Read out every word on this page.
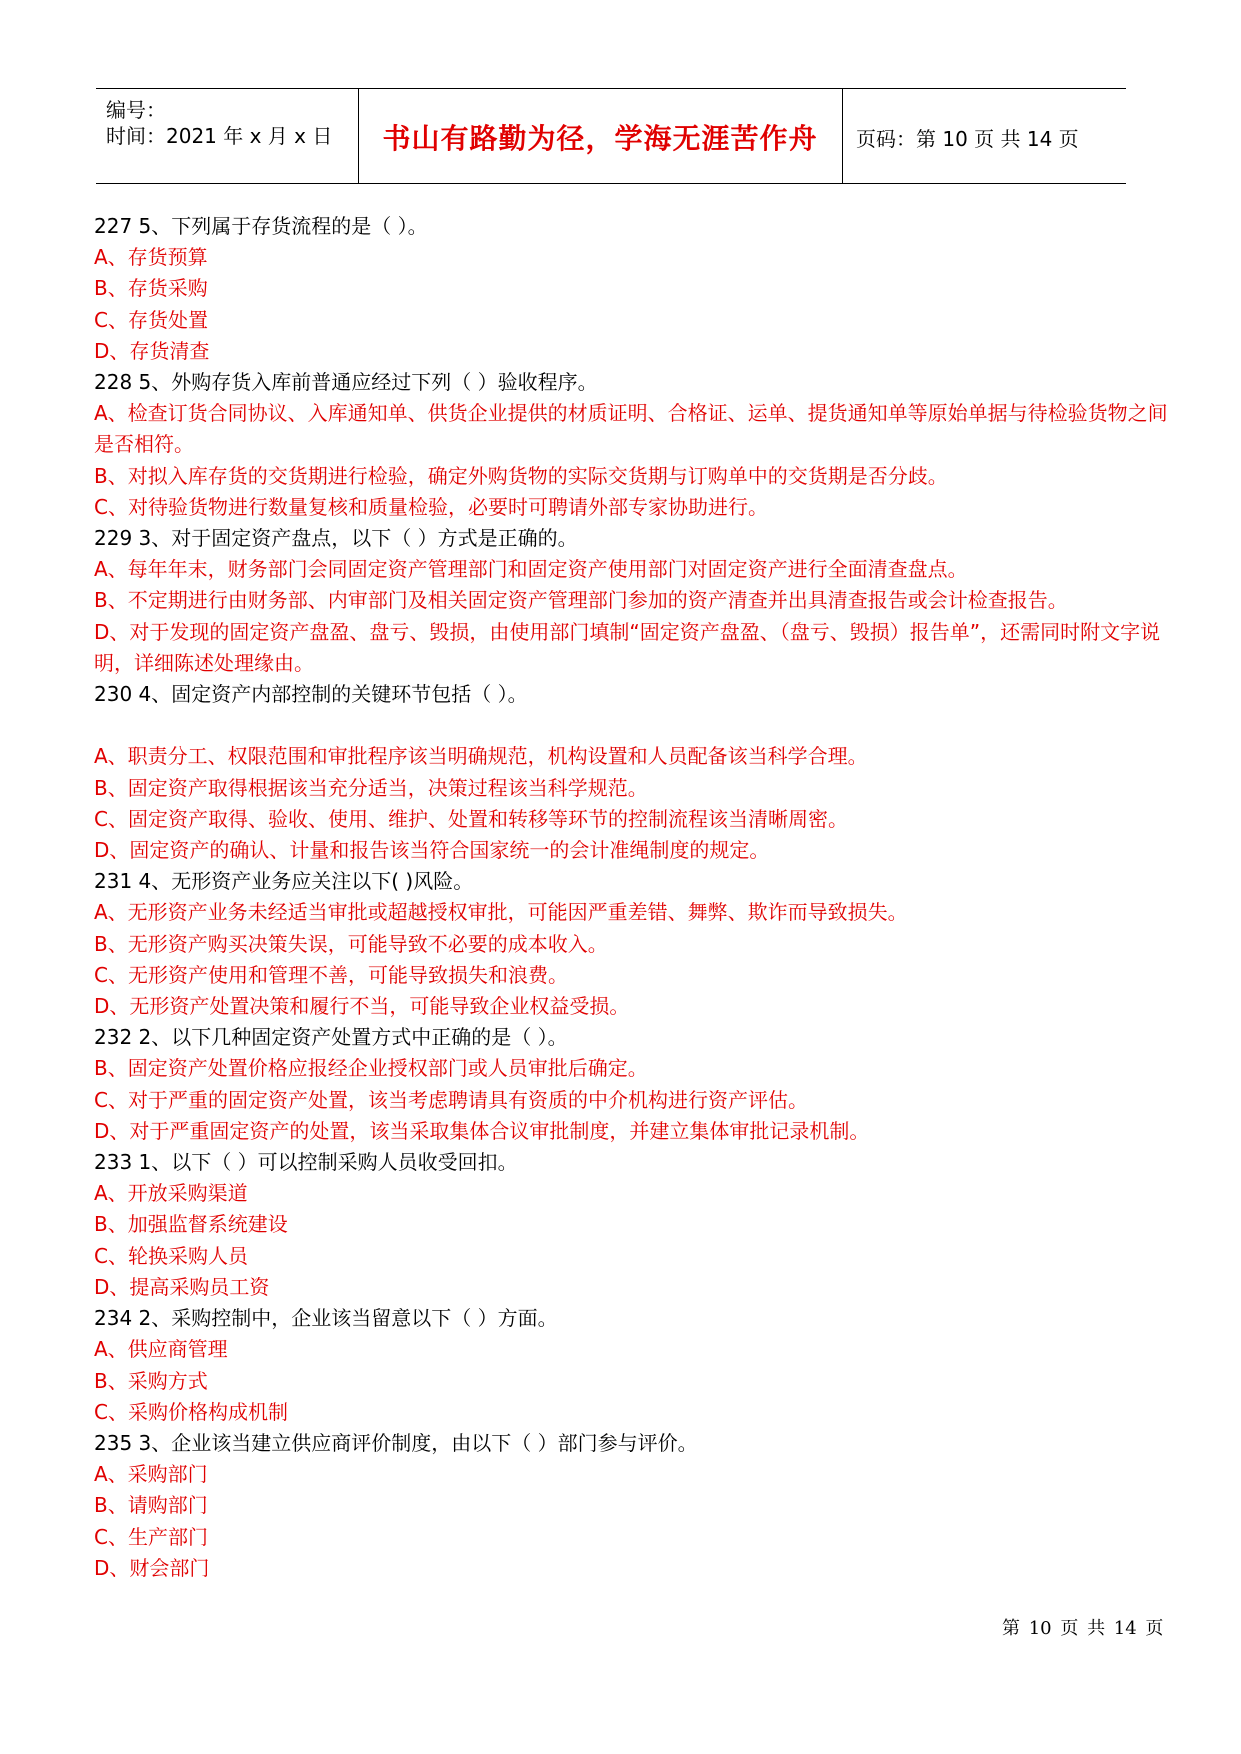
编号：
时间：2021 年 x 月 x 日	书山有路勤为径，学海无涯苦作舟	页码：第 10 页 共 14 页
227 5、下列属于存货流程的是（ ）。
A、存货预算
B、存货采购
C、存货处置
D、存货清查
228 5、外购存货入库前普通应经过下列（ ）验收程序。
A、检查订货合同协议、入库通知单、供货企业提供的材质证明、合格证、运单、提货通知单等原始单据与待检验货物之间是否相符。
B、对拟入库存货的交货期进行检验，确定外购货物的实际交货期与订购单中的交货期是否分歧。
C、对待验货物进行数量复核和质量检验，必要时可聘请外部专家协助进行。
229 3、对于固定资产盘点，以下（ ）方式是正确的。
A、每年年末，财务部门会同固定资产管理部门和固定资产使用部门对固定资产进行全面清查盘点。
B、不定期进行由财务部、内审部门及相关固定资产管理部门参加的资产清查并出具清查报告或会计检查报告。
D、对于发现的固定资产盘盈、盘亏、毁损，由使用部门填制“固定资产盘盈、（盘亏、毁损）报告单”，还需同时附文字说明，详细陈述处理缘由。
230 4、固定资产内部控制的关键环节包括（ ）。
A、职责分工、权限范围和审批程序该当明确规范，机构设置和人员配备该当科学合理。
B、固定资产取得根据该当充分适当，决策过程该当科学规范。
C、固定资产取得、验收、使用、维护、处置和转移等环节的控制流程该当清晰周密。
D、固定资产的确认、计量和报告该当符合国家统一的会计准绳制度的规定。
231 4、无形资产业务应关注以下( )风险。
A、无形资产业务未经适当审批或超越授权审批，可能因严重差错、舞弊、欺诈而导致损失。
B、无形资产购买决策失误，可能导致不必要的成本收入。
C、无形资产使用和管理不善，可能导致损失和浪费。
D、无形资产处置决策和履行不当，可能导致企业权益受损。
232 2、以下几种固定资产处置方式中正确的是（ ）。
B、固定资产处置价格应报经企业授权部门或人员审批后确定。
C、对于严重的固定资产处置，该当考虑聘请具有资质的中介机构进行资产评估。
D、对于严重固定资产的处置，该当采取集体合议审批制度，并建立集体审批记录机制。
233 1、以下（ ）可以控制采购人员收受回扣。
A、开放采购渠道
B、加强监督系统建设
C、轮换采购人员
D、提高采购员工资
234 2、采购控制中，企业该当留意以下（ ）方面。
A、供应商管理
B、采购方式
C、采购价格构成机制
235 3、企业该当建立供应商评价制度，由以下（ ）部门参与评价。
A、采购部门
B、请购部门
C、生产部门
D、财会部门
第 10 页 共 14 页
